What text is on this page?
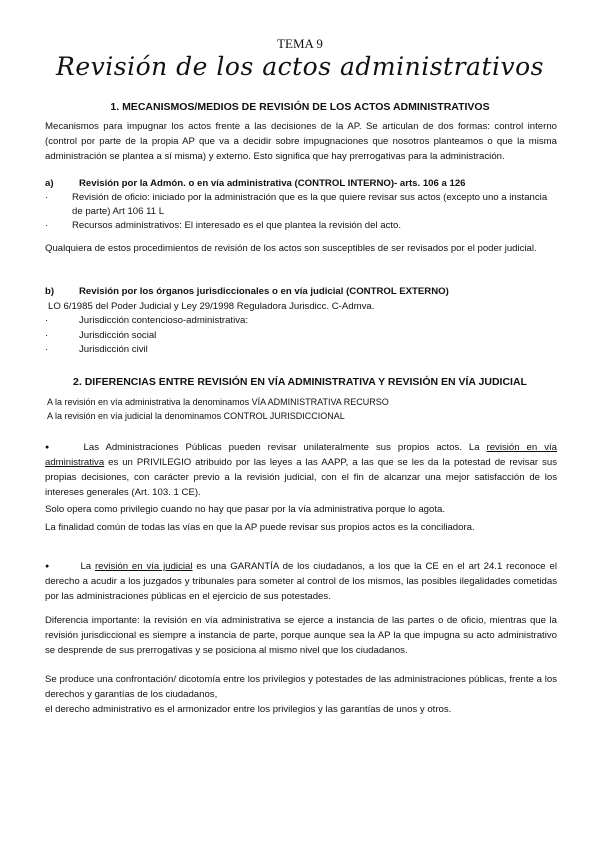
TEMA 9
Revisión de los actos administrativos
1. MECANISMOS/MEDIOS DE REVISIÓN DE LOS ACTOS ADMINISTRATIVOS
Mecanismos para impugnar los actos frente a las decisiones de la AP. Se articulan de dos formas: control interno (control por parte de la propia AP que va a decidir sobre impugnaciones que nosotros planteamos o que la misma administración se plantea a sí misma) y externo. Esto significa que hay prerrogativas para la administración.
a)	Revisión por la Admón. o en vía administrativa (CONTROL INTERNO)- arts. 106 a 126
·	Revisión de oficio: iniciado por la administración que es la que quiere revisar sus actos (excepto uno a instancia de parte) Art 106 11 L
·	Recursos administrativos: El interesado es el que plantea la revisión del acto.
Qualquiera de estos procedimientos de revisión de los actos son susceptibles de ser revisados por el poder judicial.
b)	Revisión por los órganos jurisdiccionales o en vía judicial (CONTROL EXTERNO)
LO 6/1985 del Poder Judicial y Ley 29/1998 Reguladora Jurisdicc. C-Admva.
·	Jurisdicción contencioso-administrativa:
·	Jurisdicción social
·	Jurisdicción civil
2. DIFERENCIAS ENTRE REVISIÓN EN VÍA ADMINISTRATIVA Y REVISIÓN EN VÍA JUDICIAL
A la revisión en vía administrativa la denominamos VÍA ADMINISTRATIVA RECURSO
A la revisión en vía judicial la denominamos CONTROL JURISDICCIONAL
●	Las Administraciones Públicas pueden revisar unilateralmente sus propios actos. La revisión en vía administrativa es un PRIVILEGIO atribuido por las leyes a las AAPP, a las que se les da la potestad de revisar sus propias decisiones, con carácter previo a la revisión judicial, con el fin de alcanzar una mejor satisfacción de los intereses generales (Art. 103. 1 CE).
Solo opera como privilegio cuando no hay que pasar por la vía administrativa porque lo agota.
La finalidad común de todas las vías en que la AP puede revisar sus propios actos es la conciliadora.
●	La revisión en vía judicial es una GARANTÍA de los ciudadanos, a los que la CE en el art 24.1 reconoce el derecho a acudir a los juzgados y tribunales para someter al control de los mismos, las posibles ilegalidades cometidas por las administraciones públicas en el ejercicio de sus potestades.
Diferencia importante: la revisión en vía administrativa se ejerce a instancia de las partes o de oficio, mientras que la revisión jurisdiccional es siempre a instancia de parte, porque aunque sea la AP la que impugna su acto administrativo se desprende de sus prerrogativas y se posiciona al mismo nivel que los ciudadanos.
Se produce una confrontación/ dicotomía entre los privilegios y potestades de las administraciones públicas, frente a los derechos y garantías de los ciudadanos,
el derecho administrativo es el armonizador entre los privilegios y las garantías de unos y otros.
